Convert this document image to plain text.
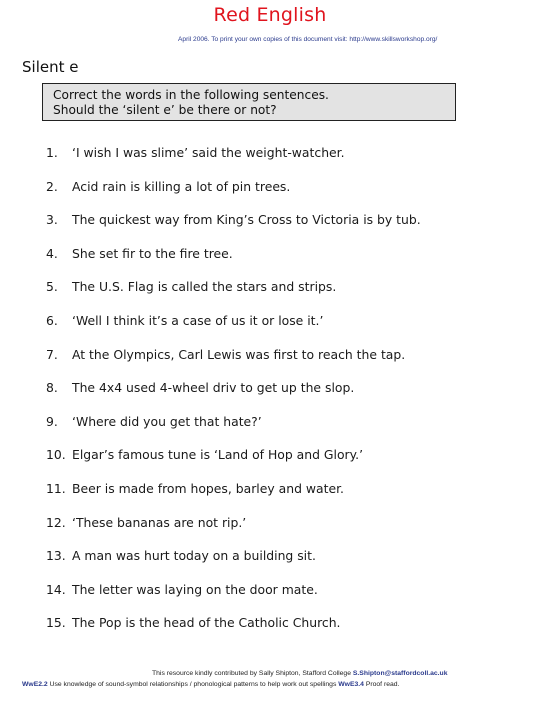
Red English
April 2006. To print your own copies of this document visit: http://www.skillsworkshop.org/
Silent e
Correct the words in the following sentences.
Should the ‘silent e’ be there or not?
1. ‘I wish I was slime’ said the weight-watcher.
2. Acid rain is killing a lot of pin trees.
3. The quickest way from King’s Cross to Victoria is by tub.
4. She set fir to the fire tree.
5. The U.S. Flag is called the stars and strips.
6. ‘Well I think it’s a case of us it or lose it.’
7. At the Olympics, Carl Lewis was first to reach the tap.
8. The 4x4 used 4-wheel driv to get up the slop.
9. ‘Where did you get that hate?’
10. Elgar’s famous tune is ‘Land of Hop and Glory.’
11. Beer is made from hopes, barley and water.
12. ‘These bananas are not rip.’
13. A man was hurt today on a building sit.
14. The letter was laying on the door mate.
15. The Pop is the head of the Catholic Church.
This resource kindly contributed by Sally Shipton, Stafford College S.Shipton@staffordcoll.ac.uk
WwE2.2 Use knowledge of sound-symbol relationships / phonological patterns to help work out spellings WwE3.4 Proof read.
